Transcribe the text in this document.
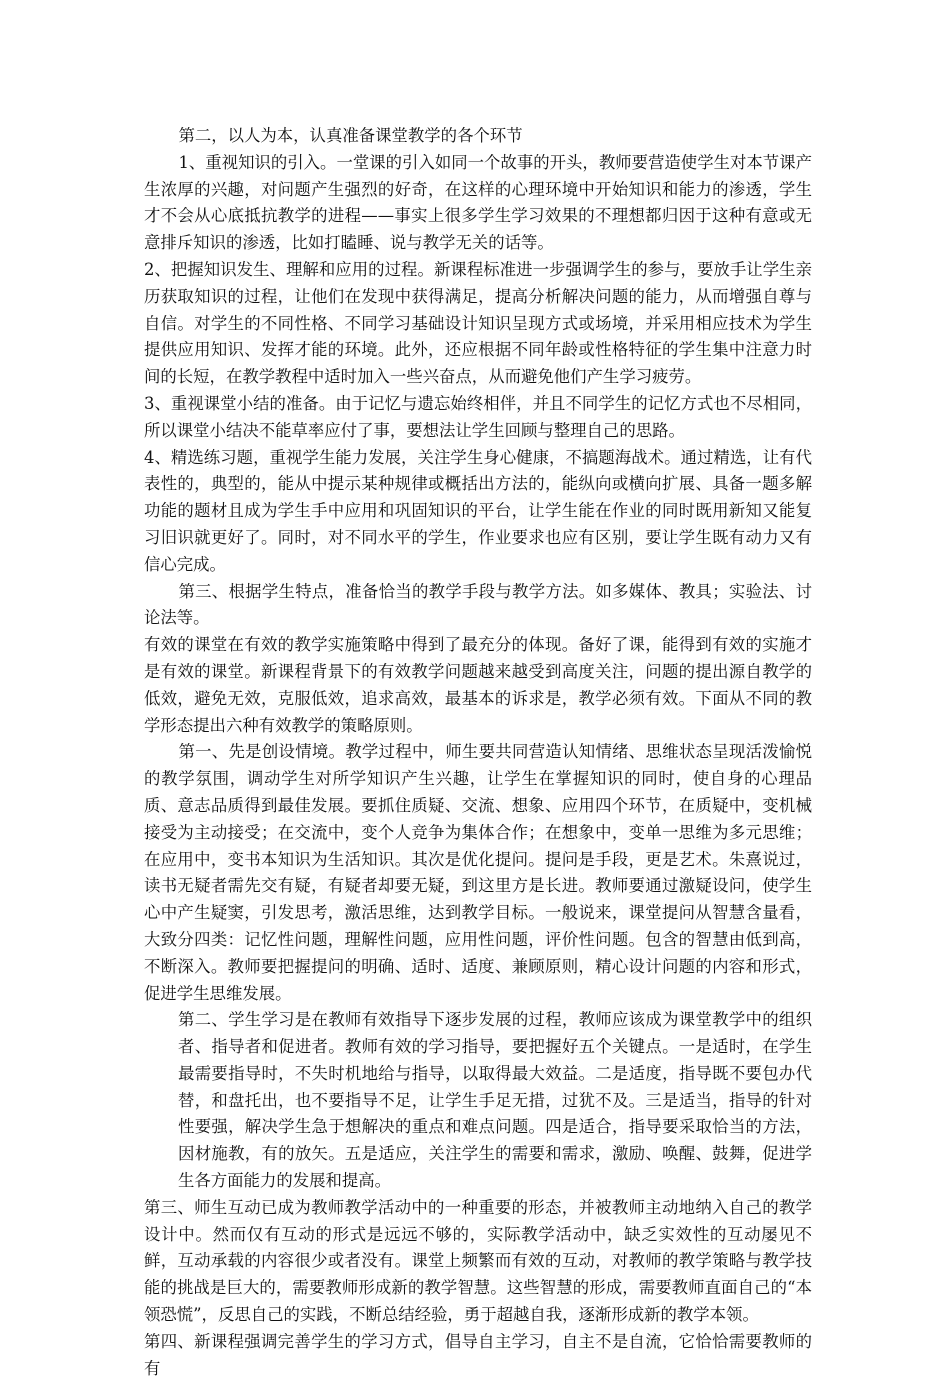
第二，以人为本，认真准备课堂教学的各个环节

1、重视知识的引入。一堂课的引入如同一个故事的开头，教师要营造使学生对本节课产生浓厚的兴趣，对问题产生强烈的好奇，在这样的心理环境中开始知识和能力的渗透，学生才不会从心底抵抗教学的进程——事实上很多学生学习效果的不理想都归因于这种有意或无意排斥知识的渗透，比如打瞌睡、说与教学无关的话等。

2、把握知识发生、理解和应用的过程。新课程标准进一步强调学生的参与，要放手让学生亲历获取知识的过程，让他们在发现中获得满足，提高分析解决问题的能力，从而增强自尊与自信。对学生的不同性格、不同学习基础设计知识呈现方式或场境，并采用相应技术为学生提供应用知识、发挥才能的环境。此外，还应根据不同年龄或性格特征的学生集中注意力时间的长短，在教学教程中适时加入一些兴奋点，从而避免他们产生学习疲劳。

3、重视课堂小结的准备。由于记忆与遗忘始终相伴，并且不同学生的记忆方式也不尽相同，所以课堂小结决不能草率应付了事，要想法让学生回顾与整理自己的思路。

4、精选练习题，重视学生能力发展，关注学生身心健康，不搞题海战术。通过精选，让有代表性的，典型的，能从中提示某种规律或概括出方法的，能纵向或横向扩展、具备一题多解功能的题材且成为学生手中应用和巩固知识的平台，让学生能在作业的同时既用新知又能复习旧识就更好了。同时，对不同水平的学生，作业要求也应有区别，要让学生既有动力又有信心完成。

第三、根据学生特点，准备恰当的教学手段与教学方法。如多媒体、教具；实验法、讨论法等。

有效的课堂在有效的教学实施策略中得到了最充分的体现。备好了课，能得到有效的实施才是有效的课堂。新课程背景下的有效教学问题越来越受到高度关注，问题的提出源自教学的低效，避免无效，克服低效，追求高效，最基本的诉求是，教学必须有效。下面从不同的教学形态提出六种有效教学的策略原则。

第一、先是创设情境。教学过程中，师生要共同营造认知情绪、思维状态呈现活泼愉悦的教学氛围，调动学生对所学知识产生兴趣，让学生在掌握知识的同时，使自身的心理品质、意志品质得到最佳发展。要抓住质疑、交流、想象、应用四个环节，在质疑中，变机械接受为主动接受；在交流中，变个人竞争为集体合作；在想象中，变单一思维为多元思维；在应用中，变书本知识为生活知识。其次是优化提问。提问是手段，更是艺术。朱熹说过，读书无疑者需先交有疑，有疑者却要无疑，到这里方是长进。教师要通过激疑设问，使学生心中产生疑窦，引发思考，激活思维，达到教学目标。一般说来，课堂提问从智慧含量看，大致分四类：记忆性问题，理解性问题，应用性问题，评价性问题。包含的智慧由低到高，不断深入。教师要把握提问的明确、适时、适度、兼顾原则，精心设计问题的内容和形式，促进学生思维发展。

第二、学生学习是在教师有效指导下逐步发展的过程，教师应该成为课堂教学中的组织者、指导者和促进者。教师有效的学习指导，要把握好五个关键点。一是适时，在学生最需要指导时，不失时机地给与指导，以取得最大效益。二是适度，指导既不要包办代替，和盘托出，也不要指导不足，让学生手足无措，过犹不及。三是适当，指导的针对性要强，解决学生急于想解决的重点和难点问题。四是适合，指导要采取恰当的方法，因材施教，有的放矢。五是适应，关注学生的需要和需求，激励、唤醒、鼓舞，促进学生各方面能力的发展和提高。

第三、师生互动已成为教师教学活动中的一种重要的形态，并被教师主动地纳入自己的教学设计中。然而仅有互动的形式是远远不够的，实际教学活动中，缺乏实效性的互动屡见不鲜，互动承载的内容很少或者没有。课堂上频繁而有效的互动，对教师的教学策略与教学技能的挑战是巨大的，需要教师形成新的教学智慧。这些智慧的形成，需要教师直面自己的“本领恐慌”，反思自己的实践，不断总结经验，勇于超越自我，逐渐形成新的教学本领。

第四、新课程强调完善学生的学习方式，倡导自主学习，自主不是自流，它恰恰需要教师的有
